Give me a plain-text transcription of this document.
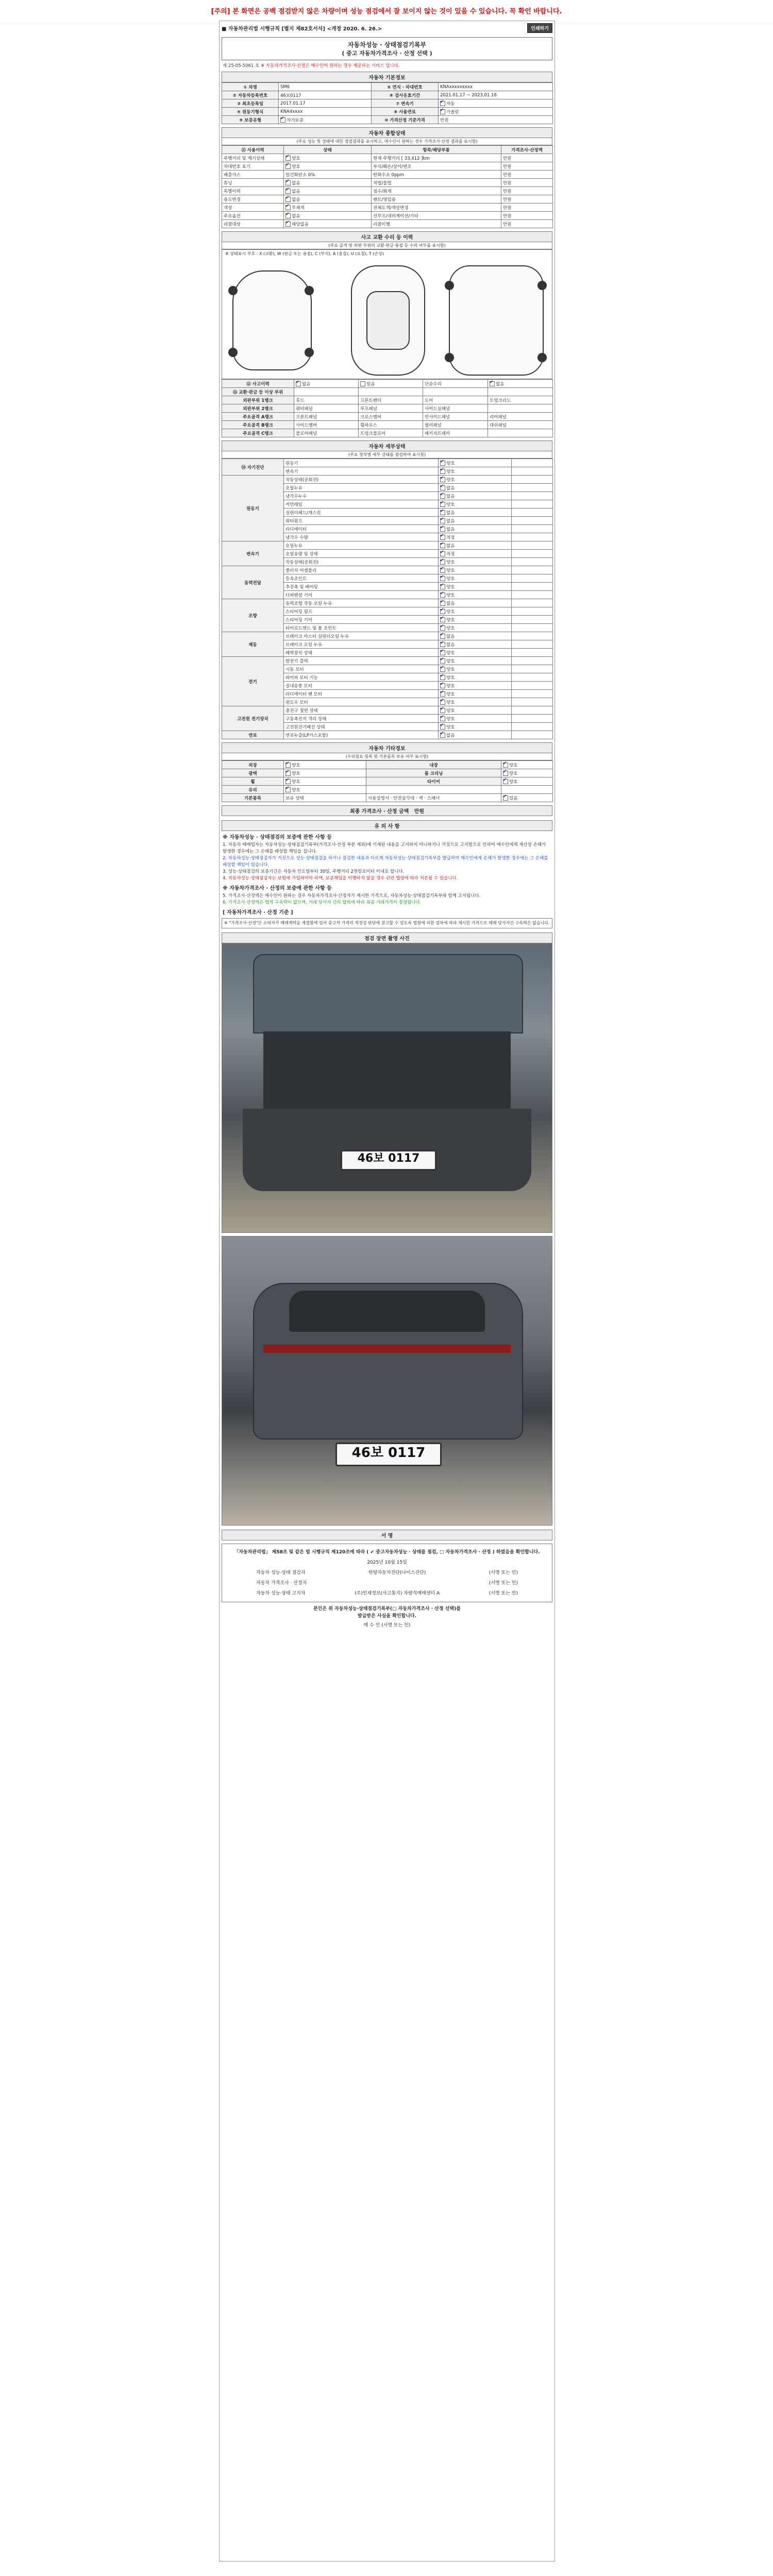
[주의] 본 화면은 공백 점검받지 않은 차량이며 성능 점검에서 잘 보이지 않는 것이 있을 수 있습니다. 꼭 확인 바랍니다.
■ 자동차관리법 시행규칙 [별지 제82호서식] <개정 2020. 6. 26.>	인쇄하기
자동차성능 · 상태점검기록부
( 중고 자동차가격조사 · 산정 선택 )
제 25-05-5061 호 ※ 자동차가격조사·산정은 매수인이 원하는 경우 제공하는 서비스 입니다.
자동차 기본정보
① 차명	SM6	⑤ 연식 · 차대번호	KNAxxxxxxxxx
② 자동차등록번호	46보0117	⑥ 검사유효기간	2021.01.17 ~ 2023.01.16
③ 최초등록일	2017.01.17	⑦ 변속기	✔자동
④ 원동기형식	KNA4xxxx	⑧ 사용연료	✔가솔린
⑨ 보증유형	✔자가보증	⑩ 가격산정 기준가격	만원
자동차 종합상태
(주요 성능 및 상태에 대한 점검결과를 표시하고, 매수인이 원하는 경우 가격조사·산정 결과를 표시함)
⑪ 사용이력	상태	항목/해당부품	가격조사·산정액
주행거리 및 계기상태	✔양호	현재 주행거리 [ 33,412 ]km	만원
차대번호 표기	✔양호	부식/훼손/상이/변조	만원
배출가스	일산화탄소 0%	탄화수소 0ppm	만원
튜닝	✔없음	적법/불법	만원
특별이력	✔없음	침수/화재	만원
용도변경	✔없음	렌트/영업용	만원
색상	✔무채색	전체도색/색상변경	만원
주요옵션	✔없음	선루프/네비게이션/기타	만원
리콜대상	✔해당없음	리콜이행	만원
사고 교환 수리 등 이력
(주요 골격 및 외판 부위의 교환·판금·용접 등 수리 여부를 표시함)
※ 상태표시 부호 : X (교환), W (판금 또는 용접), C (부식), A (흠집), U (요철), T (손상)
⑫ 사고이력	✔없음	있음	단순수리	✔없음
⑬ 교환·판금 등 이상 부위				
외판부위 1랭크	후드	프론트펜더	도어	트렁크리드
외판부위 2랭크	쿼터패널	루프패널	사이드실패널	
주요골격 A랭크	프론트패널	크로스멤버	인사이드패널	리어패널
주요골격 B랭크	사이드멤버	휠하우스	필러패널	대쉬패널
주요골격 C랭크	플로어패널	트렁크플로어	패키지트레이	
자동차 세부상태
(주요 장치별 세부 상태를 점검하여 표시함)
⑭ 자기진단	원동기	✔양호	
	변속기	✔양호	
원동기	작동상태(공회전)	✔양호	
	오일누유	✔없음	
	냉각수누수	✔없음	
	커먼레일	✔양호	
	실린더헤드/개스킷	✔없음	
	워터펌프	✔없음	
	라디에이터	✔없음	
	냉각수 수량	✔적정	
변속기	오일누유	✔없음	
	오일유량 및 상태	✔적정	
	작동상태(공회전)	✔양호	
동력전달	클러치 어셈블리	✔양호	
	등속조인트	✔양호	
	추진축 및 베어링	✔양호	
	디퍼렌셜 기어	✔양호	
조향	동력조향 작동 오일 누유	✔없음	
	스티어링 펌프	✔양호	
	스티어링 기어	✔양호	
	타이로드엔드 및 볼 조인트	✔양호	
제동	브레이크 마스터 실린더오일 누유	✔없음	
	브레이크 오일 누유	✔없음	
	배력장치 상태	✔양호	
전기	발전기 출력	✔양호	
	시동 모터	✔양호	
	와이퍼 모터 기능	✔양호	
	실내송풍 모터	✔양호	
	라디에이터 팬 모터	✔양호	
	윈도우 모터	✔양호	
고전원 전기장치	충전구 절연 상태	✔양호	
	구동축전지 격리 상태	✔양호	
	고전원전기배선 상태	✔양호	
연료	연료누출(LP가스포함)	✔없음	
자동차 기타정보
(수리필요 항목 및 기본품목 보유 여부 표시함)
외장	✔양호	내장	✔양호
광택	✔양호	룸 크리닝	✔양호
휠	✔양호	타이어	✔양호
유리	✔양호		
기본품목	보유 상태	사용설명서 · 안전삼각대 · 잭 · 스패너	✔있음
최종 가격조사 · 산정 금액 만원
유 의 사 항
※ 자동차성능 · 상태점검의 보증에 관한 사항 등
1. 자동차 매매업자는 자동차성능·상태점검기록부(가격조사·산정 부분 제외)에 기재된 내용을 고지하지 아니하거나 거짓으로 고지함으로 인하여 매수인에게 재산상 손해가 발생한 경우에는 그 손해를 배상할 책임을 집니다.
2. 자동차성능·상태점검자가 거짓으로 성능·상태점검을 하거나 점검한 내용과 다르게 자동차성능·상태점검기록부를 발급하여 매수인에게 손해가 발생한 경우에는 그 손해를 배상할 책임이 있습니다.
3. 성능·상태점검의 보증기간은 자동차 인도일부터 30일, 주행거리 2천킬로미터 이내로 합니다.
4. 자동차성능·상태점검자는 보험에 가입하여야 하며, 보증책임을 이행하지 않을 경우 관련 법령에 따라 처분될 수 있습니다.
※ 자동차가격조사 · 산정의 보증에 관한 사항 등
5. 가격조사·산정액은 매수인이 원하는 경우 자동차가격조사·산정자가 제시한 가격으로, 자동차성능·상태점검기록부와 함께 고지됩니다.
6. 가격조사·산정액은 법적 구속력이 없으며, 거래 당사자 간의 합의에 따라 최종 거래가격이 결정됩니다.
[ 자동차가격조사 · 산정 기준 ]
※ "가격조사·산정"은 소비자가 매매계약을 체결함에 있어 중고차 가격의 적정성 판단에 참고할 수 있도록 법령에 의한 절차에 따라 제시한 가격으로 매매 당사자간 구속력은 없습니다.
점검 장면 촬영 사진
46보 0117
46보 0117
서 명
「자동차관리법」 제58조 및 같은 법 시행규칙 제120조에 따라 ( ✔ 중고자동차성능 · 상태를 점검, □ 자동차가격조사 · 산정 ) 하였음을 확인합니다.
2025년 10월 15일
자동차 성능·상태 점검자	한양자동차진단(나이스진단)	(서명 또는 인)
자동차 가격조사 · 산정자	(서명 또는 인)
자동차 성능·상태 고지자	(주)인재정보(사고통지) 차량직매매센터 A	(서명 또는 인)
본인은 위 자동차성능·상태점검기록부(□ 자동차가격조사 · 산정 선택)를
발급받은 사실을 확인합니다.
매 수 인 (서명 또는 인)
